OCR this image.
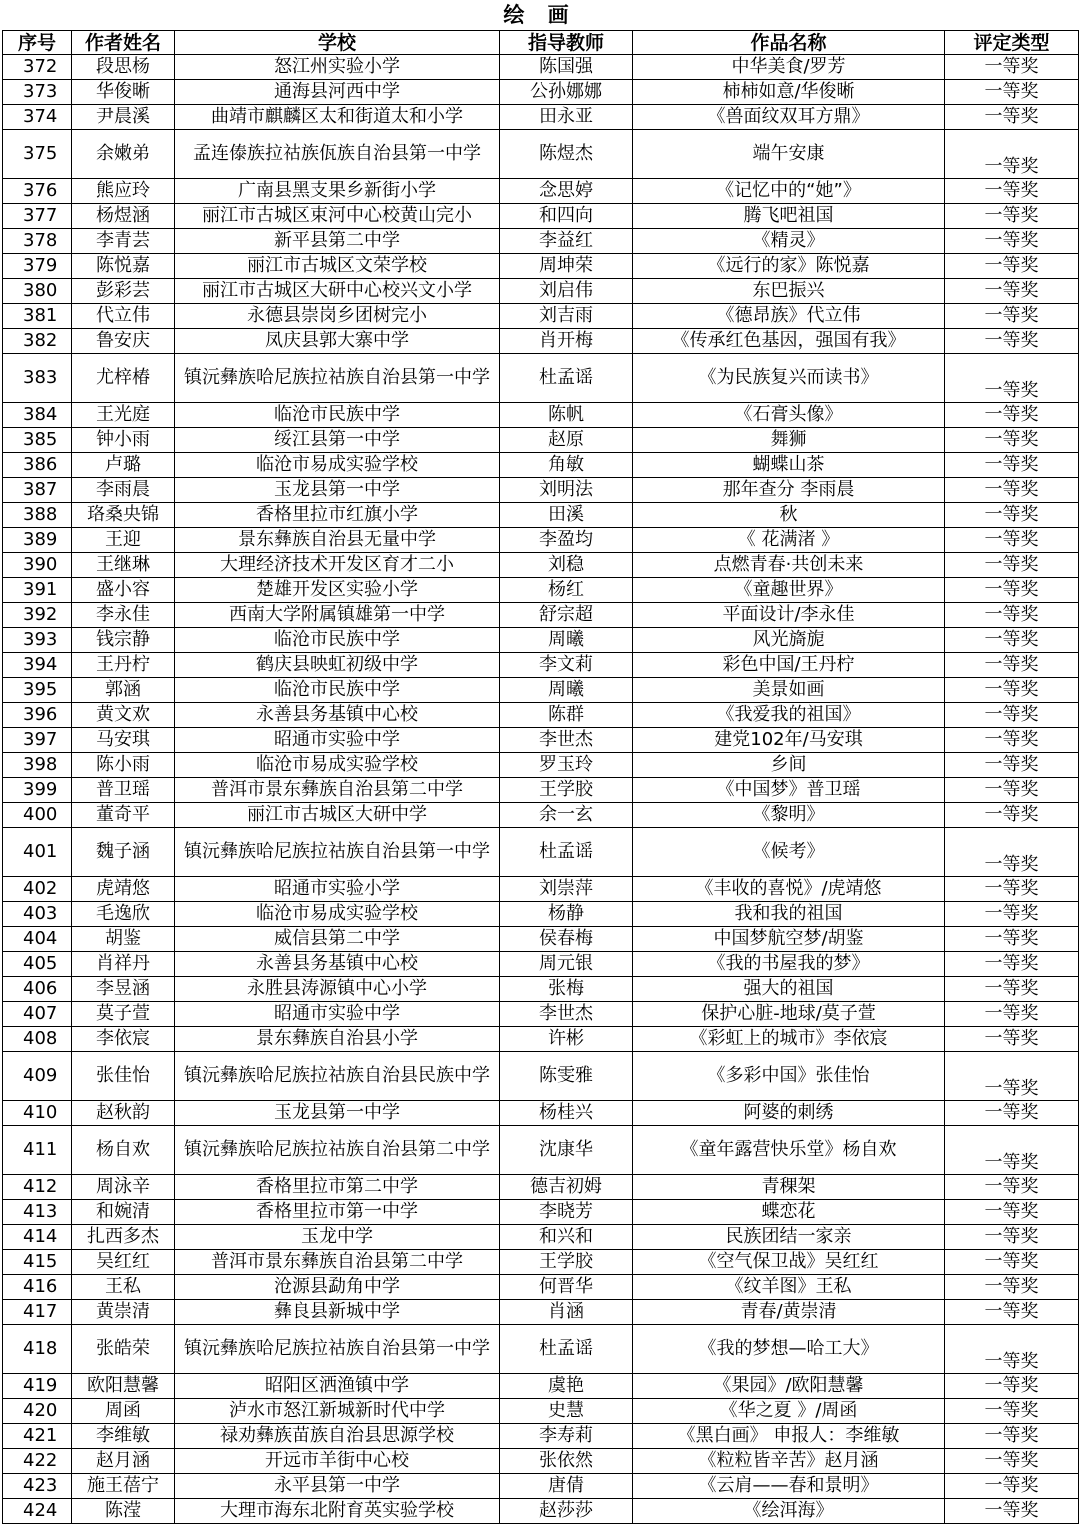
绘 画
序号	作者姓名	学校	指导教师	作品名称	评定类型
372	段思杨	怒江州实验小学	陈国强	中华美食/罗芳	一等奖
373	华俊晰	通海县河西中学	公孙娜娜	柿柿如意/华俊晰	一等奖
374	尹晨溪	曲靖市麒麟区太和街道太和小学	田永亚	《兽面纹双耳方鼎》	一等奖
375	余嫩弟	孟连傣族拉祜族佤族自治县第一中学	陈煜杰	端午安康	一等奖
376	熊应玲	广南县黑支果乡新街小学	念思婷	《记忆中的“她”》	一等奖
377	杨煜涵	丽江市古城区束河中心校黄山完小	和四向	腾飞吧祖国	一等奖
378	李青芸	新平县第二中学	李益红	《精灵》	一等奖
379	陈悦嘉	丽江市古城区文荣学校	周坤荣	《远行的家》陈悦嘉	一等奖
380	彭彩芸	丽江市古城区大研中心校兴文小学	刘启伟	东巴振兴	一等奖
381	代立伟	永德县崇岗乡团树完小	刘吉雨	《德昂族》代立伟	一等奖
382	鲁安庆	凤庆县郭大寨中学	肖开梅	《传承红色基因，强国有我》	一等奖
383	尤梓椿	镇沅彝族哈尼族拉祜族自治县第一中学	杜孟谣	《为民族复兴而读书》	一等奖
384	王光庭	临沧市民族中学	陈帆	《石膏头像》	一等奖
385	钟小雨	绥江县第一中学	赵原	舞狮	一等奖
386	卢璐	临沧市易成实验学校	角敏	蝴蝶山茶	一等奖
387	李雨晨	玉龙县第一中学	刘明法	那年查分 李雨晨	一等奖
388	珞桑央锦	香格里拉市红旗小学	田溪	秋	一等奖
389	王迎	景东彝族自治县无量中学	李盈均	《 花满渚 》	一等奖
390	王继琳	大理经济技术开发区育才二小	刘稳	点燃青春·共创未来	一等奖
391	盛小容	楚雄开发区实验小学	杨红	《童趣世界》	一等奖
392	李永佳	西南大学附属镇雄第一中学	舒宗超	平面设计/李永佳	一等奖
393	钱宗静	临沧市民族中学	周曦	风光旖旎	一等奖
394	王丹柠	鹤庆县映虹初级中学	李文莉	彩色中国/王丹柠	一等奖
395	郭涵	临沧市民族中学	周曦	美景如画	一等奖
396	黄文欢	永善县务基镇中心校	陈群	《我爱我的祖国》	一等奖
397	马安琪	昭通市实验中学	李世杰	建党102年/马安琪	一等奖
398	陈小雨	临沧市易成实验学校	罗玉玲	乡间	一等奖
399	普卫瑶	普洱市景东彝族自治县第二中学	王学胶	《中国梦》普卫瑶	一等奖
400	董奇平	丽江市古城区大研中学	余一玄	《黎明》	一等奖
401	魏子涵	镇沅彝族哈尼族拉祜族自治县第一中学	杜孟谣	《候考》	一等奖
402	虎靖悠	昭通市实验小学	刘崇萍	《丰收的喜悦》/虎靖悠	一等奖
403	毛逸欣	临沧市易成实验学校	杨静	我和我的祖国	一等奖
404	胡鉴	威信县第二中学	侯春梅	中国梦航空梦/胡鉴	一等奖
405	肖祥丹	永善县务基镇中心校	周元银	《我的书屋我的梦》	一等奖
406	李昱涵	永胜县涛源镇中心小学	张梅	强大的祖国	一等奖
407	莫子萱	昭通市实验中学	李世杰	保护心脏-地球/莫子萱	一等奖
408	李依宸	景东彝族自治县小学	许彬	《彩虹上的城市》李依宸	一等奖
409	张佳怡	镇沅彝族哈尼族拉祜族自治县民族中学	陈雯雅	《多彩中国》张佳怡	一等奖
410	赵秋韵	玉龙县第一中学	杨桂兴	阿婆的刺绣	一等奖
411	杨自欢	镇沅彝族哈尼族拉祜族自治县第二中学	沈康华	《童年露营快乐堂》杨自欢	一等奖
412	周泳辛	香格里拉市第二中学	德吉初姆	青稞架	一等奖
413	和婉清	香格里拉市第一中学	李晓芳	蝶恋花	一等奖
414	扎西多杰	玉龙中学	和兴和	民族团结一家亲	一等奖
415	吴红红	普洱市景东彝族自治县第二中学	王学胶	《空气保卫战》吴红红	一等奖
416	王私	沧源县勐角中学	何晋华	《纹羊图》王私	一等奖
417	黄崇清	彝良县新城中学	肖涵	青春/黄崇清	一等奖
418	张皓荣	镇沅彝族哈尼族拉祜族自治县第一中学	杜孟谣	《我的梦想—哈工大》	一等奖
419	欧阳慧馨	昭阳区洒渔镇中学	虞艳	《果园》/欧阳慧馨	一等奖
420	周函	泸水市怒江新城新时代中学	史慧	《华之夏 》/周函	一等奖
421	李维敏	禄劝彝族苗族自治县思源学校	李寿莉	《黑白画》 申报人：李维敏	一等奖
422	赵月涵	开远市羊街中心校	张依然	《粒粒皆辛苦》赵月涵	一等奖
423	施王蓓宁	永平县第一中学	唐倩	《云肩——春和景明》	一等奖
424	陈滢	大理市海东北附育英实验学校	赵莎莎	《绘洱海》	一等奖
